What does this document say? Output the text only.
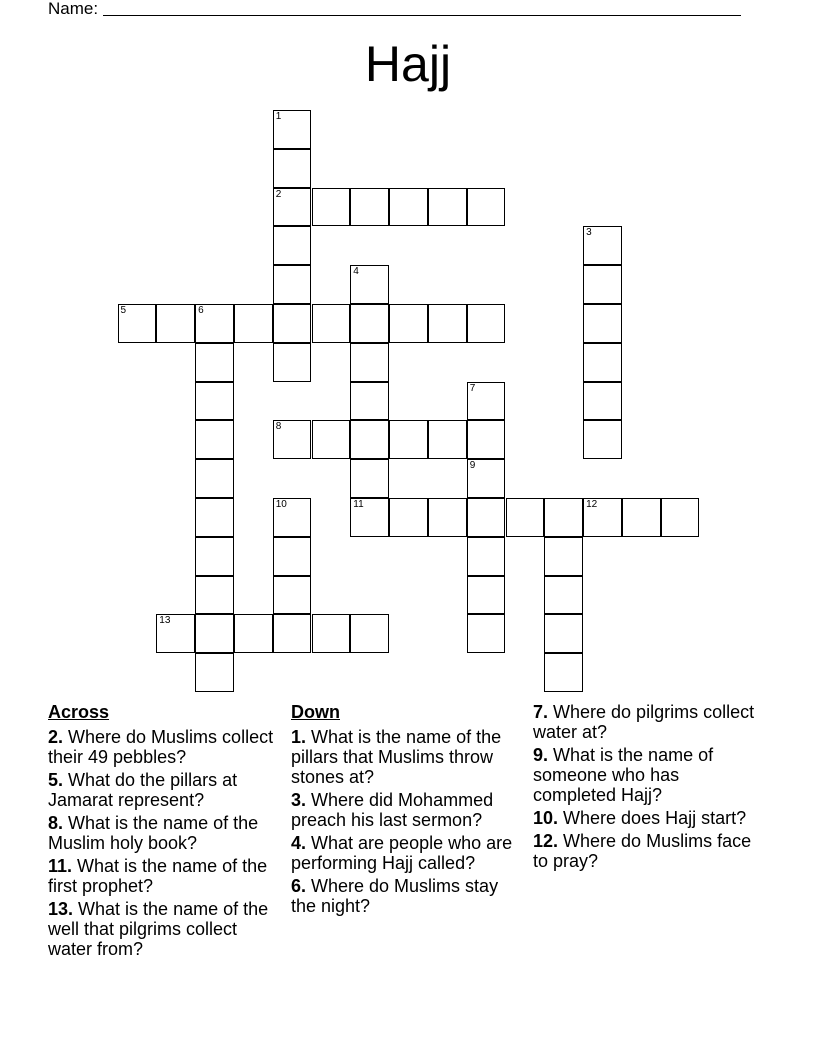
Name:
Hajj
1
2
3
4
5	6
7
8
9
10	11	12
13
Across
2. Where do Muslims collect their 49 pebbles?
5. What do the pillars at Jamarat represent?
8. What is the name of the Muslim holy book?
11. What is the name of the first prophet?
13. What is the name of the well that pilgrims collect water from?
Down
1. What is the name of the pillars that Muslims throw stones at?
3. Where did Mohammed preach his last sermon?
4. What are people who are performing Hajj called?
6. Where do Muslims stay the night?
7. Where do pilgrims collect water at?
9. What is the name of someone who has completed Hajj?
10. Where does Hajj start?
12. Where do Muslims face to pray?
